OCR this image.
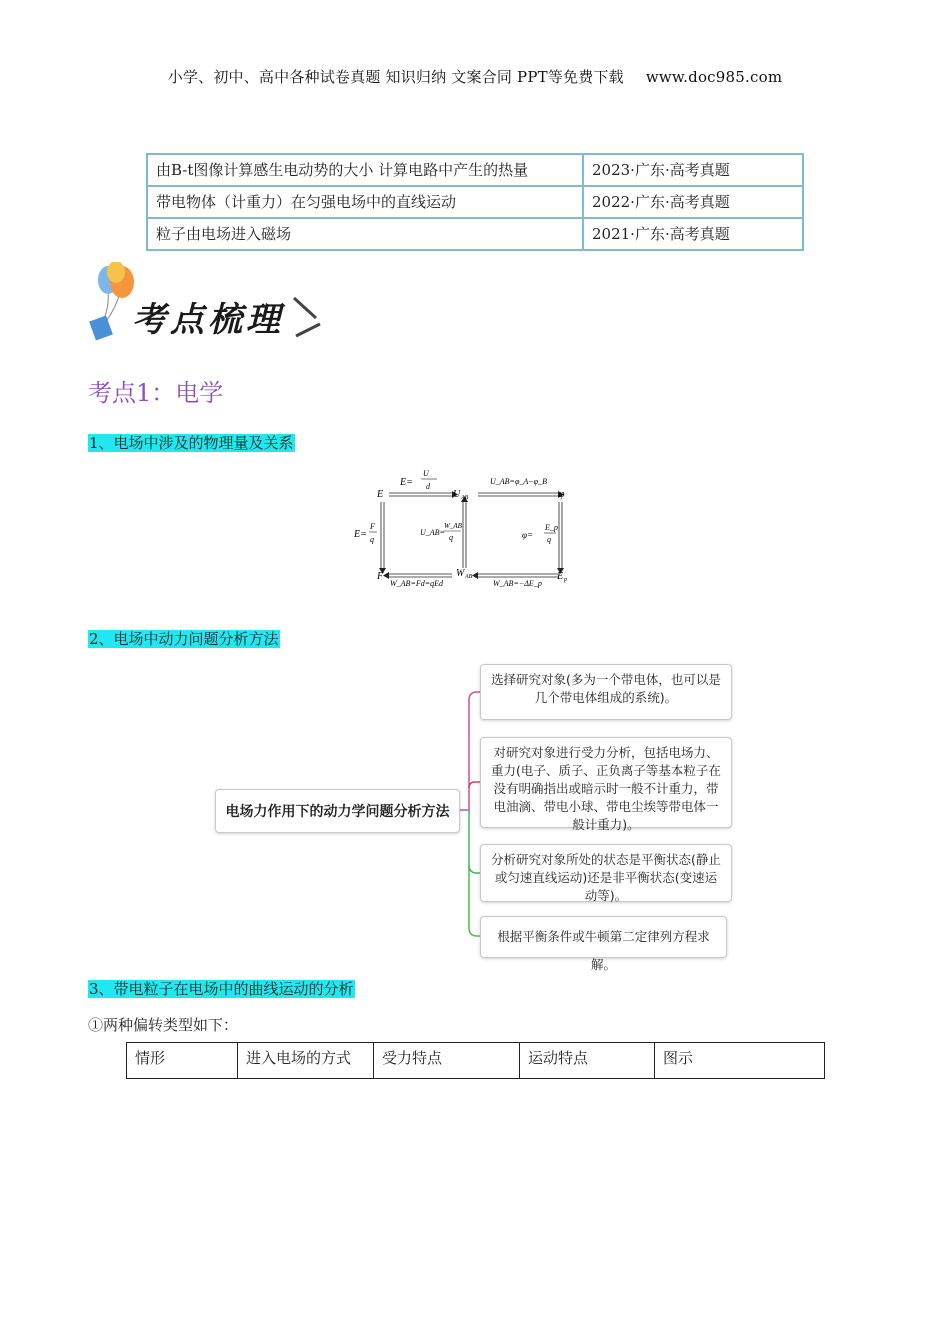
小学、初中、高中各种试卷真题 知识归纳 文案合同 PPT等免费下载 www.doc985.com
由B-t图像计算感生电动势的大小 计算电路中产生的热量	2023·广东·高考真题
带电物体（计重力）在匀强电场中的直线运动	2022·广东·高考真题
粒子由电场进入磁场	2021·广东·高考真题
考点梳理
考点1：电学
1、电场中涉及的物理量及关系
E	U AB	φ
F	W AB	E p
E=
U
d
U_AB=φ_A−φ_B
E=
F
q
U_AB=
W_AB
q	φ=
E_p
q
W_AB=Fd=qEd	W_AB=−ΔE_p
2、电场中动力问题分析方法
电场力作用下的动力学问题分析方法
选择研究对象(多为一个带电体，也可以是几个带电体组成的系统)。
对研究对象进行受力分析，包括电场力、重力(电子、质子、正负离子等基本粒子在没有明确指出或暗示时一般不计重力，带电油滴、带电小球、带电尘埃等带电体一般计重力)。
分析研究对象所处的状态是平衡状态(静止或匀速直线运动)还是非平衡状态(变速运动等)。
根据平衡条件或牛顿第二定律列方程求解。
3、带电粒子在电场中的曲线运动的分析
①两种偏转类型如下：
情形	进入电场的方式	受力特点	运动特点	图示
